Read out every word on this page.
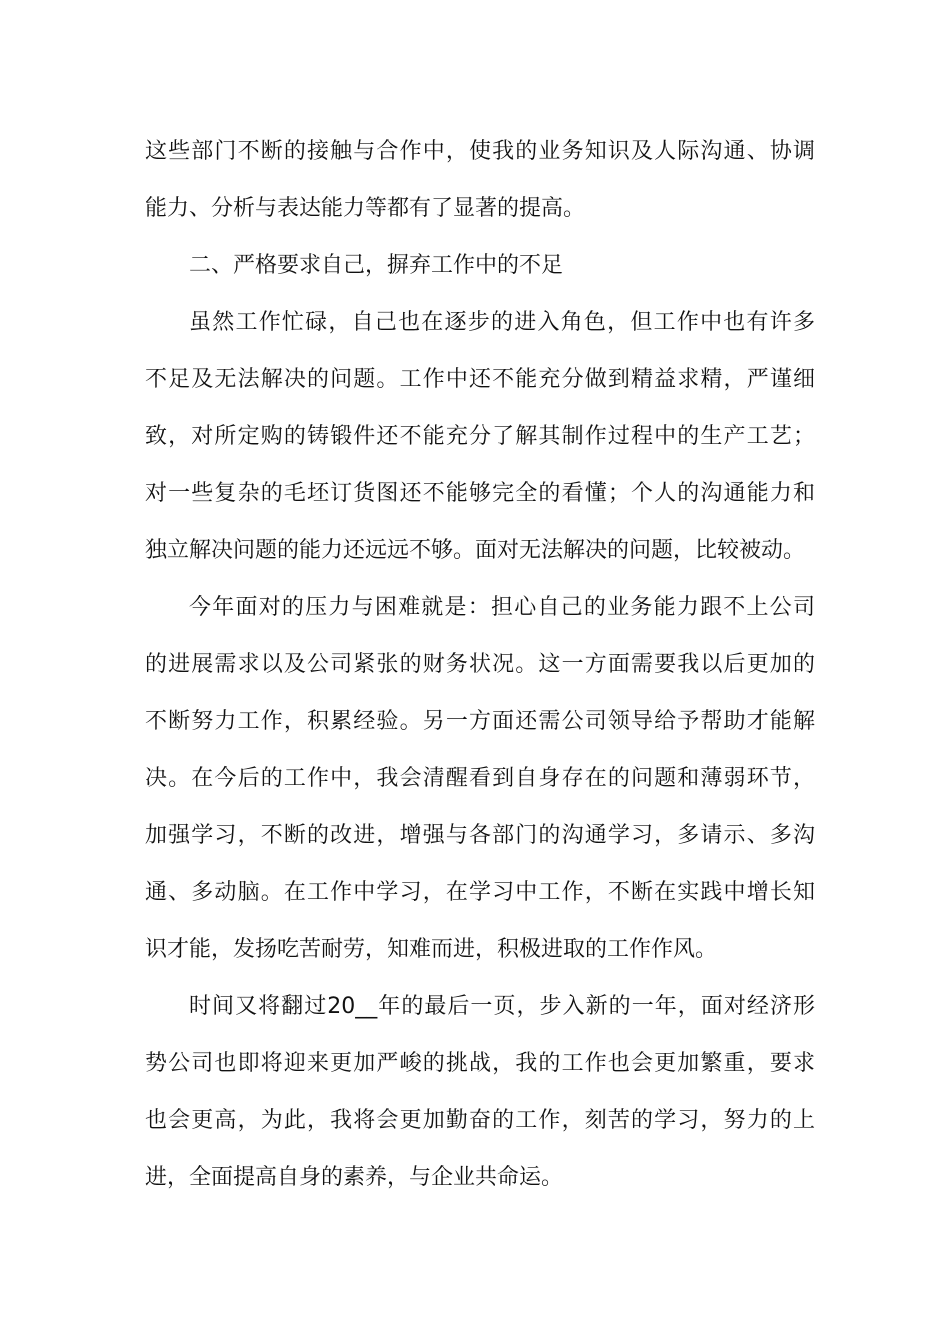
这些部门不断的接触与合作中，使我的业务知识及人际沟通、协调
能力、分析与表达能力等都有了显著的提高。
二、严格要求自己，摒弃工作中的不足
虽然工作忙碌，自己也在逐步的进入角色，但工作中也有许多
不足及无法解决的问题。工作中还不能充分做到精益求精，严谨细
致，对所定购的铸锻件还不能充分了解其制作过程中的生产工艺；
对一些复杂的毛坯订货图还不能够完全的看懂；个人的沟通能力和
独立解决问题的能力还远远不够。面对无法解决的问题，比较被动。
今年面对的压力与困难就是：担心自己的业务能力跟不上公司
的进展需求以及公司紧张的财务状况。这一方面需要我以后更加的
不断努力工作，积累经验。另一方面还需公司领导给予帮助才能解
决。在今后的工作中，我会清醒看到自身存在的问题和薄弱环节，
加强学习，不断的改进，增强与各部门的沟通学习，多请示、多沟
通、多动脑。在工作中学习，在学习中工作，不断在实践中增长知
识才能，发扬吃苦耐劳，知难而进，积极进取的工作作风。
时间又将翻过20__年的最后一页，步入新的一年，面对经济形
势公司也即将迎来更加严峻的挑战，我的工作也会更加繁重，要求
也会更高，为此，我将会更加勤奋的工作，刻苦的学习，努力的上
进，全面提高自身的素养，与企业共命运。
